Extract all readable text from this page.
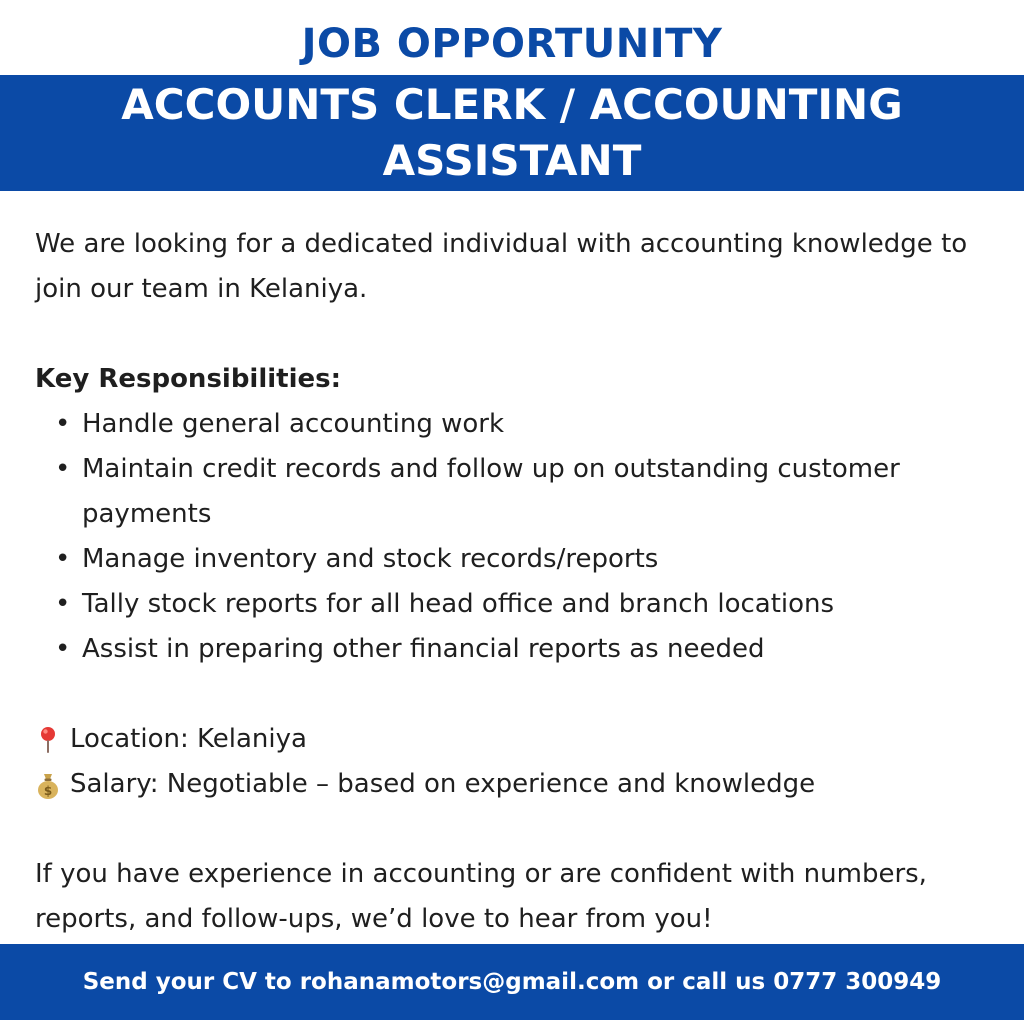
JOB OPPORTUNITY
ACCOUNTS CLERK / ACCOUNTING
ASSISTANT

We are looking for a dedicated individual with accounting knowledge to join our team in Kelaniya.

Key Responsibilities:

• Handle general accounting work
• Maintain credit records and follow up on outstanding customer payments
• Manage inventory and stock records/reports
• Tally stock reports for all head office and branch locations
• Assist in preparing other financial reports as needed
Location: Kelaniya
$ Salary: Negotiable – based on experience and knowledge

If you have experience in accounting or are confident with numbers, reports, and follow-ups, we’d love to hear from you!

Send your CV to rohanamotors@gmail.com or call us 0777 300949
